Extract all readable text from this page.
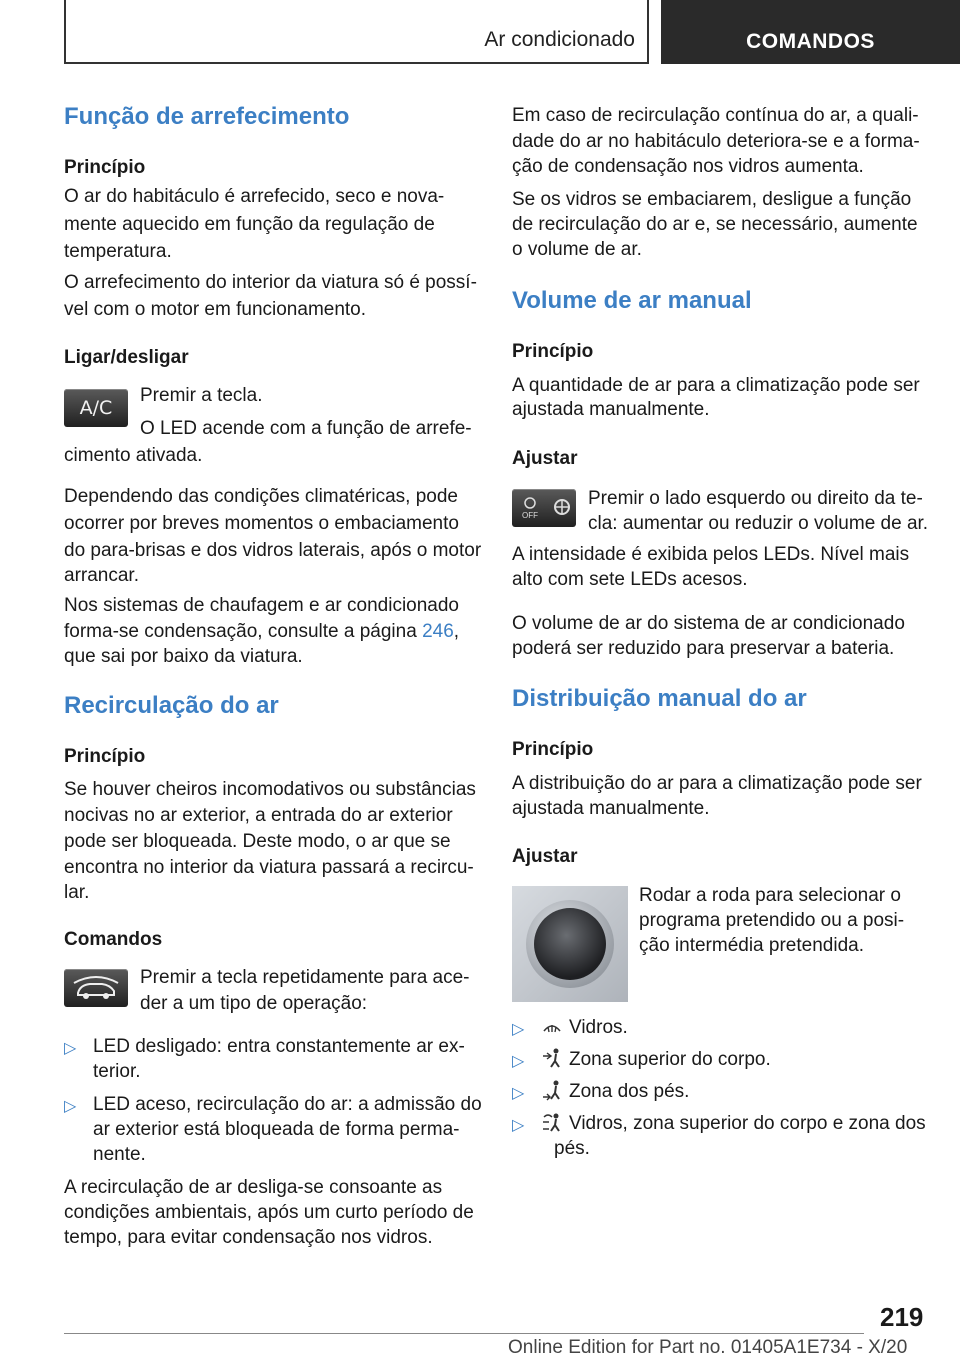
Ar condicionado	COMANDOS
Função de arrefecimento
Princípio
O ar do habitáculo é arrefecido, seco e nova-
mente aquecido em função da regulação de
temperatura.
O arrefecimento do interior da viatura só é possí-
vel com o motor em funcionamento.
Ligar/desligar
A/C
Premir a tecla.
O LED acende com a função de arrefe-
cimento ativada.
Dependendo das condições climatéricas, pode
ocorrer por breves momentos o embaciamento
do para-brisas e dos vidros laterais, após o motor
arrancar.
Nos sistemas de chaufagem e ar condicionado
forma-se condensação, consulte a página 246,
que sai por baixo da viatura.
Recirculação do ar
Princípio
Se houver cheiros incomodativos ou substâncias
nocivas no ar exterior, a entrada do ar exterior
pode ser bloqueada. Deste modo, o ar que se
encontra no interior da viatura passará a recircu-
lar.
Comandos
Premir a tecla repetidamente para ace-
der a um tipo de operação:
▷ LED desligado: entra constantemente ar ex-
terior.
▷ LED aceso, recirculação do ar: a admissão do
ar exterior está bloqueada de forma perma-
nente.
A recirculação de ar desliga-se consoante as
condições ambientais, após um curto período de
tempo, para evitar condensação nos vidros.
Em caso de recirculação contínua do ar, a quali-
dade do ar no habitáculo deteriora-se e a forma-
ção de condensação nos vidros aumenta.
Se os vidros se embaciarem, desligue a função
de recirculação do ar e, se necessário, aumente
o volume de ar.
Volume de ar manual
Princípio
A quantidade de ar para a climatização pode ser
ajustada manualmente.
Ajustar
OFF
Premir o lado esquerdo ou direito da te-
cla: aumentar ou reduzir o volume de ar.
A intensidade é exibida pelos LEDs. Nível mais
alto com sete LEDs acesos.
O volume de ar do sistema de ar condicionado
poderá ser reduzido para preservar a bateria.
Distribuição manual do ar
Princípio
A distribuição do ar para a climatização pode ser
ajustada manualmente.
Ajustar
Rodar a roda para selecionar o
programa pretendido ou a posi-
ção intermédia pretendida.
▷ Vidros.
▷ Zona superior do corpo.
▷ Zona dos pés.
▷ Vidros, zona superior do corpo e zona dos
pés.
219
Online Edition for Part no. 01405A1E734 - X/20
